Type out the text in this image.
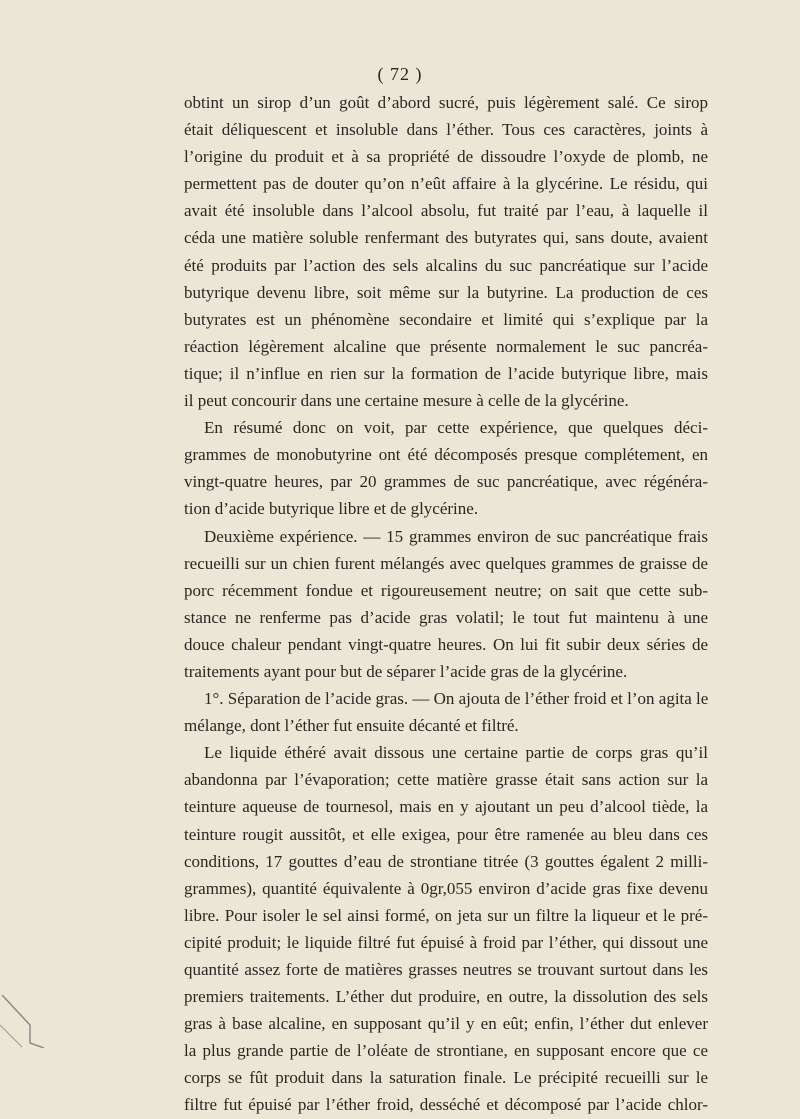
( 72 )
obtint un sirop d’un goût d’abord sucré, puis légèrement salé. Ce sirop
était déliquescent et insoluble dans l’éther. Tous ces caractères, joints à
l’origine du produit et à sa propriété de dissoudre l’oxyde de plomb, ne
permettent pas de douter qu’on n’eût affaire à la glycérine. Le résidu, qui
avait été insoluble dans l’alcool absolu, fut traité par l’eau, à laquelle il
céda une matière soluble renfermant des butyrates qui, sans doute, avaient
été produits par l’action des sels alcalins du suc pancréatique sur l’acide
butyrique devenu libre, soit même sur la butyrine. La production de ces
butyrates est un phénomène secondaire et limité qui s’explique par la
réaction légèrement alcaline que présente normalement le suc pancréa-
tique; il n’influe en rien sur la formation de l’acide butyrique libre, mais
il peut concourir dans une certaine mesure à celle de la glycérine.
En résumé donc on voit, par cette expérience, que quelques déci-
grammes de monobutyrine ont été décomposés presque complétement, en
vingt-quatre heures, par 20 grammes de suc pancréatique, avec régénéra-
tion d’acide butyrique libre et de glycérine.
Deuxième expérience. — 15 grammes environ de suc pancréatique frais
recueilli sur un chien furent mélangés avec quelques grammes de graisse de
porc récemment fondue et rigoureusement neutre; on sait que cette sub-
stance ne renferme pas d’acide gras volatil; le tout fut maintenu à une
douce chaleur pendant vingt-quatre heures. On lui fit subir deux séries de
traitements ayant pour but de séparer l’acide gras de la glycérine.
1°. Séparation de l’acide gras. — On ajouta de l’éther froid et l’on agita le
mélange, dont l’éther fut ensuite décanté et filtré.
Le liquide éthéré avait dissous une certaine partie de corps gras qu’il
abandonna par l’évaporation; cette matière grasse était sans action sur la
teinture aqueuse de tournesol, mais en y ajoutant un peu d’alcool tiède, la
teinture rougit aussitôt, et elle exigea, pour être ramenée au bleu dans ces
conditions, 17 gouttes d’eau de strontiane titrée (3 gouttes égalent 2 milli-
grammes), quantité équivalente à 0gr,055 environ d’acide gras fixe devenu
libre. Pour isoler le sel ainsi formé, on jeta sur un filtre la liqueur et le pré-
cipité produit; le liquide filtré fut épuisé à froid par l’éther, qui dissout une
quantité assez forte de matières grasses neutres se trouvant surtout dans les
premiers traitements. L’éther dut produire, en outre, la dissolution des sels
gras à base alcaline, en supposant qu’il y en eût; enfin, l’éther dut enlever
la plus grande partie de l’oléate de strontiane, en supposant encore que ce
corps se fût produit dans la saturation finale. Le précipité recueilli sur le
filtre fut épuisé par l’éther froid, desséché et décomposé par l’acide chlor-
